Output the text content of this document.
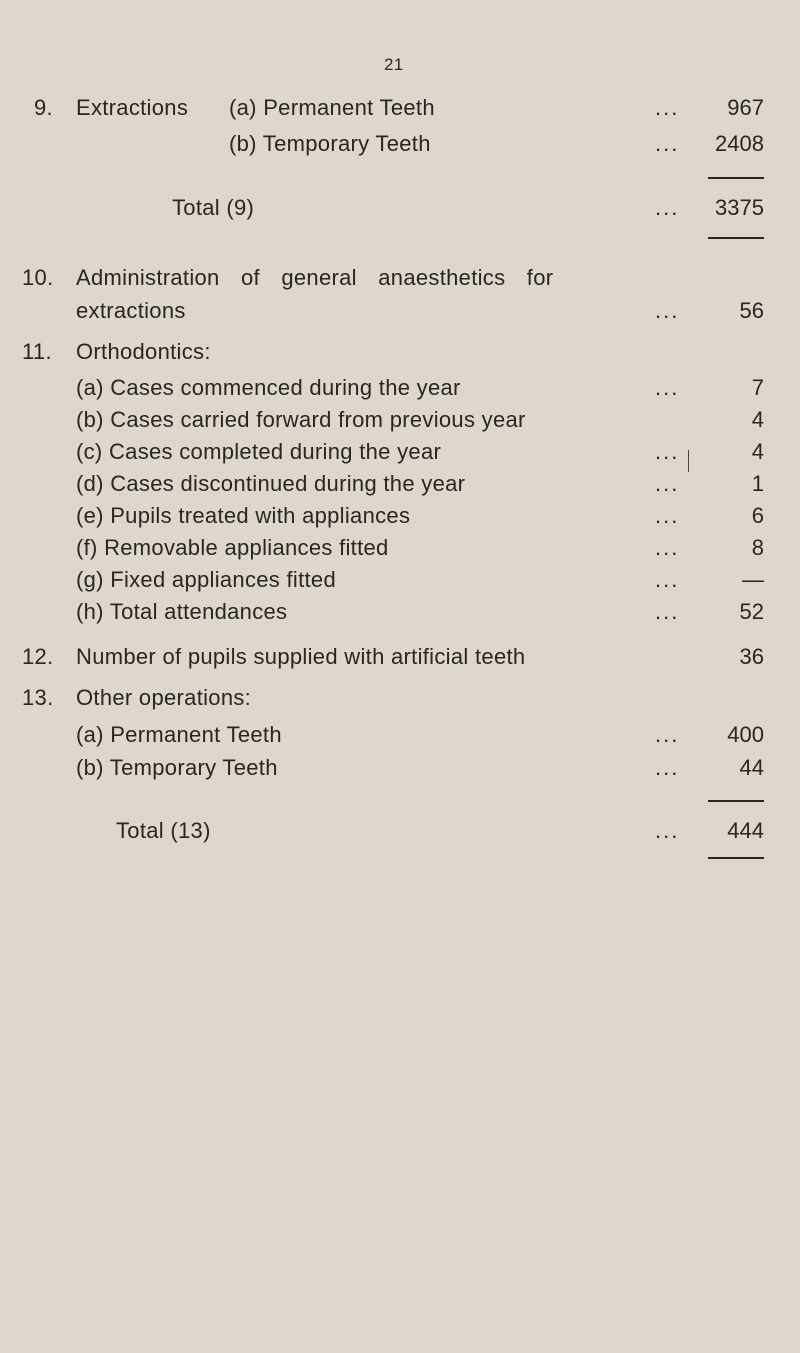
21
9. Extractions (a) Permanent Teeth	...	967
(b) Temporary Teeth	...	2408
Total (9)	...	3375
10. Administration of general anaesthetics for
extractions	...	56
11. Orthodontics:
(a) Cases commenced during the year	...	7
(b) Cases carried forward from previous year	4
(c) Cases completed during the year	...	4
(d) Cases discontinued during the year	...	1
(e) Pupils treated with appliances	...	6
(f) Removable appliances fitted	...	8
(g) Fixed appliances fitted	...	—
(h) Total attendances	...	52
12. Number of pupils supplied with artificial teeth	36
13. Other operations:
(a) Permanent Teeth	...	400
(b) Temporary Teeth	...	44
Total (13)	...	444
